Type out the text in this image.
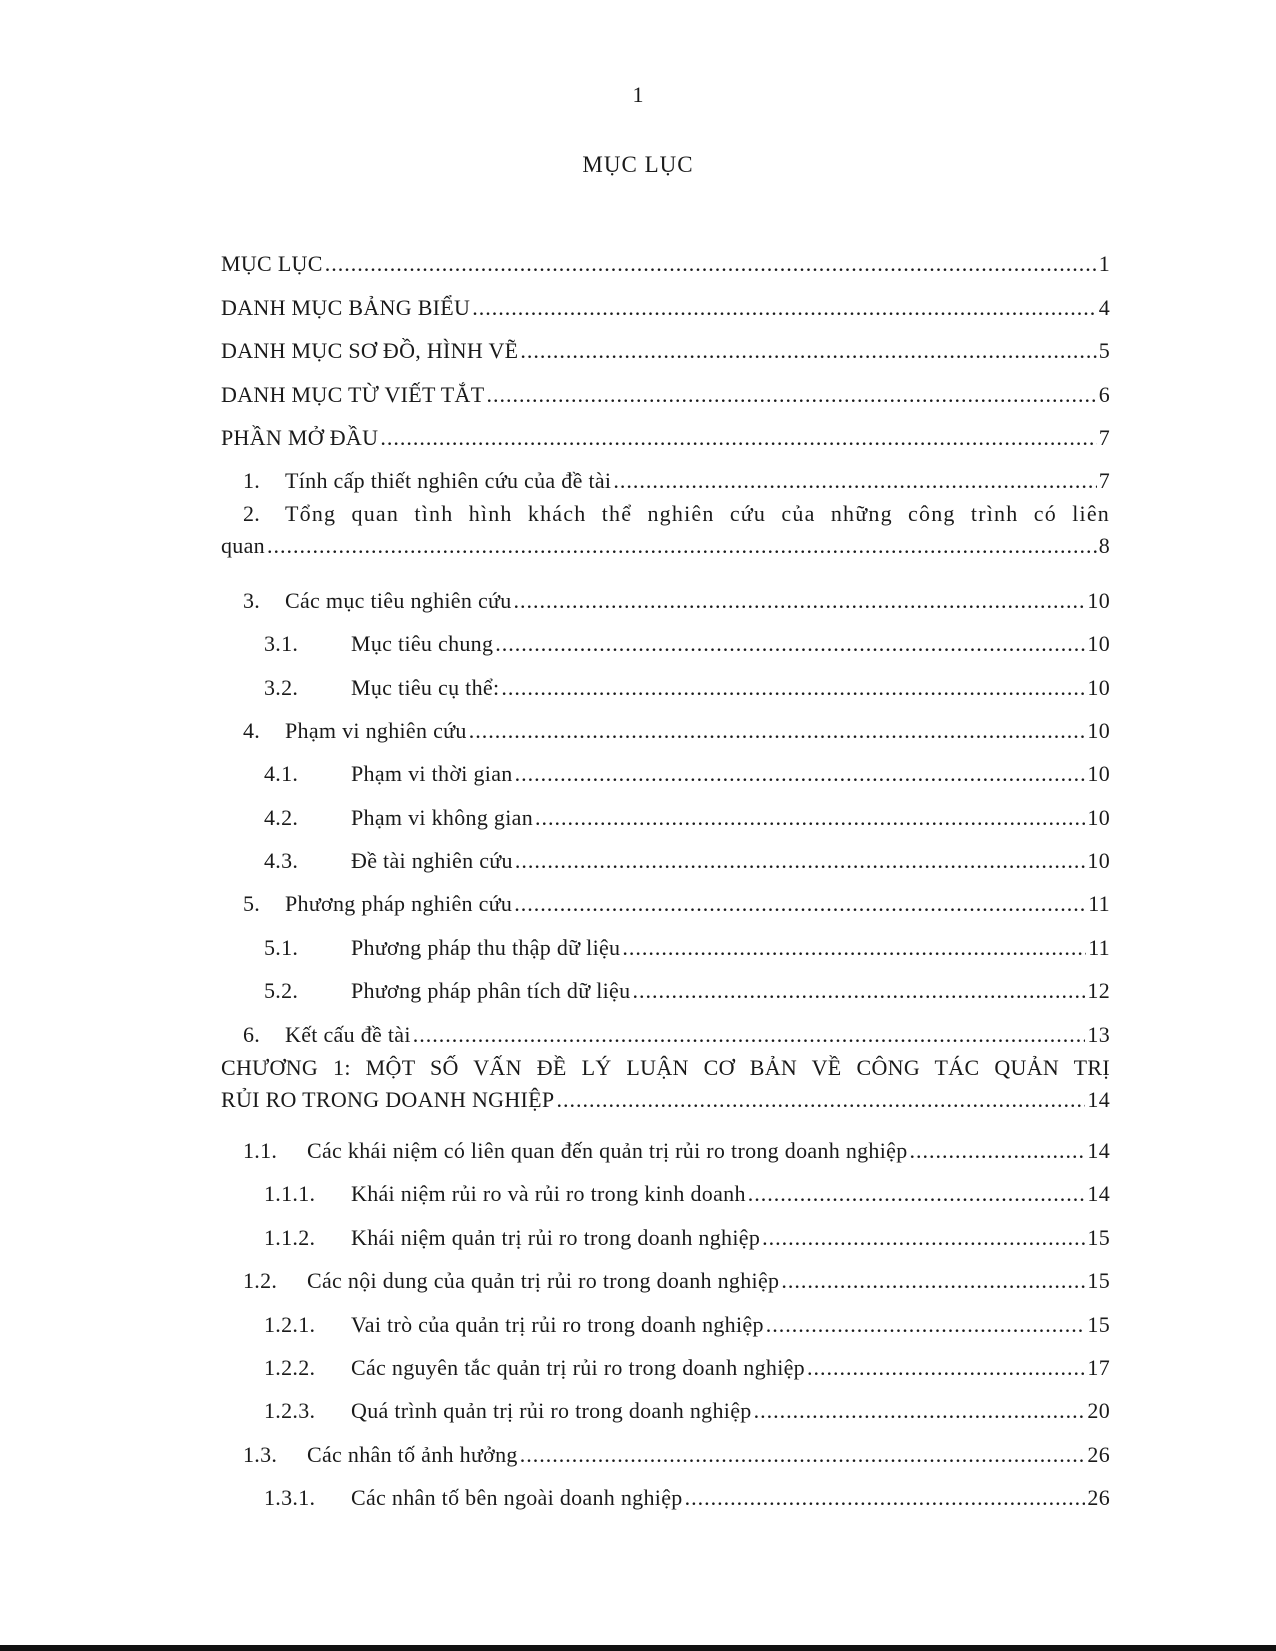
1
MỤC LỤC
MỤC LỤC .....	1
DANH MỤC BẢNG BIỂU .....	4
DANH MỤC SƠ ĐỒ, HÌNH VẼ .....	5
DANH MỤC TỪ VIẾT TẮT .....	6
PHẦN MỞ ĐẦU .....	7
1.	Tính cấp thiết nghiên cứu của đề tài .....	7
2.	Tổng quan tình hình khách thể nghiên cứu của những công trình có liên
quan .....	8
3.	Các mục tiêu nghiên cứu .....	10
3.1.	Mục tiêu chung .....	10
3.2.	Mục tiêu cụ thể: .....	10
4.	Phạm vi nghiên cứu .....	10
4.1.	Phạm vi thời gian .....	10
4.2.	Phạm vi không gian .....	10
4.3.	Đề tài nghiên cứu .....	10
5.	Phương pháp nghiên cứu .....	11
5.1.	Phương pháp thu thập dữ liệu .....	11
5.2.	Phương pháp phân tích dữ liệu .....	12
6.	Kết cấu đề tài .....	13
CHƯƠNG 1: MỘT SỐ VẤN ĐỀ LÝ LUẬN CƠ BẢN VỀ CÔNG TÁC QUẢN TRỊ
RỦI RO TRONG DOANH NGHIỆP .....	14
1.1.	Các khái niệm có liên quan đến quản trị rủi ro trong doanh nghiệp .....	14
1.1.1.	Khái niệm rủi ro và rủi ro trong kinh doanh .....	14
1.1.2.	Khái niệm quản trị rủi ro trong doanh nghiệp .....	15
1.2.	Các nội dung của quản trị rủi ro trong doanh nghiệp .....	15
1.2.1.	Vai trò của quản trị rủi ro trong doanh nghiệp .....	15
1.2.2.	Các nguyên tắc quản trị rủi ro trong doanh nghiệp .....	17
1.2.3.	Quá trình quản trị rủi ro trong doanh nghiệp .....	20
1.3.	Các nhân tố ảnh hưởng .....	26
1.3.1.	Các nhân tố bên ngoài doanh nghiệp .....	26
